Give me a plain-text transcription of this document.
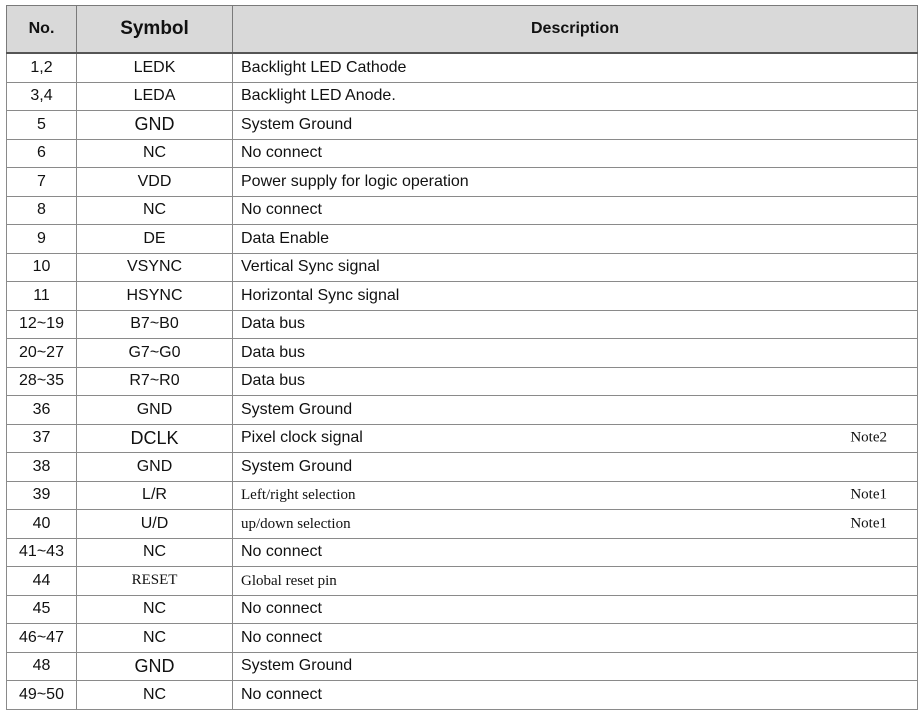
No.	Symbol	Description
1,2	LEDK	Backlight LED Cathode
3,4	LEDA	Backlight LED Anode.
5	GND	System Ground
6	NC	No connect
7	VDD	Power supply for logic operation
8	NC	No connect
9	DE	Data Enable
10	VSYNC	Vertical Sync signal
11	HSYNC	Horizontal Sync signal
12~19	B7~B0	Data bus
20~27	G7~G0	Data bus
28~35	R7~R0	Data bus
36	GND	System Ground
37	DCLK	Pixel clock signal Note2

38	GND	System Ground
39	L/R	Left/right selection Note1

40	U/D	up/down selection Note1

41~43	NC	No connect
44	RESET	Global reset pin
45	NC	No connect
46~47	NC	No connect
48	GND	System Ground
49~50	NC	No connect
